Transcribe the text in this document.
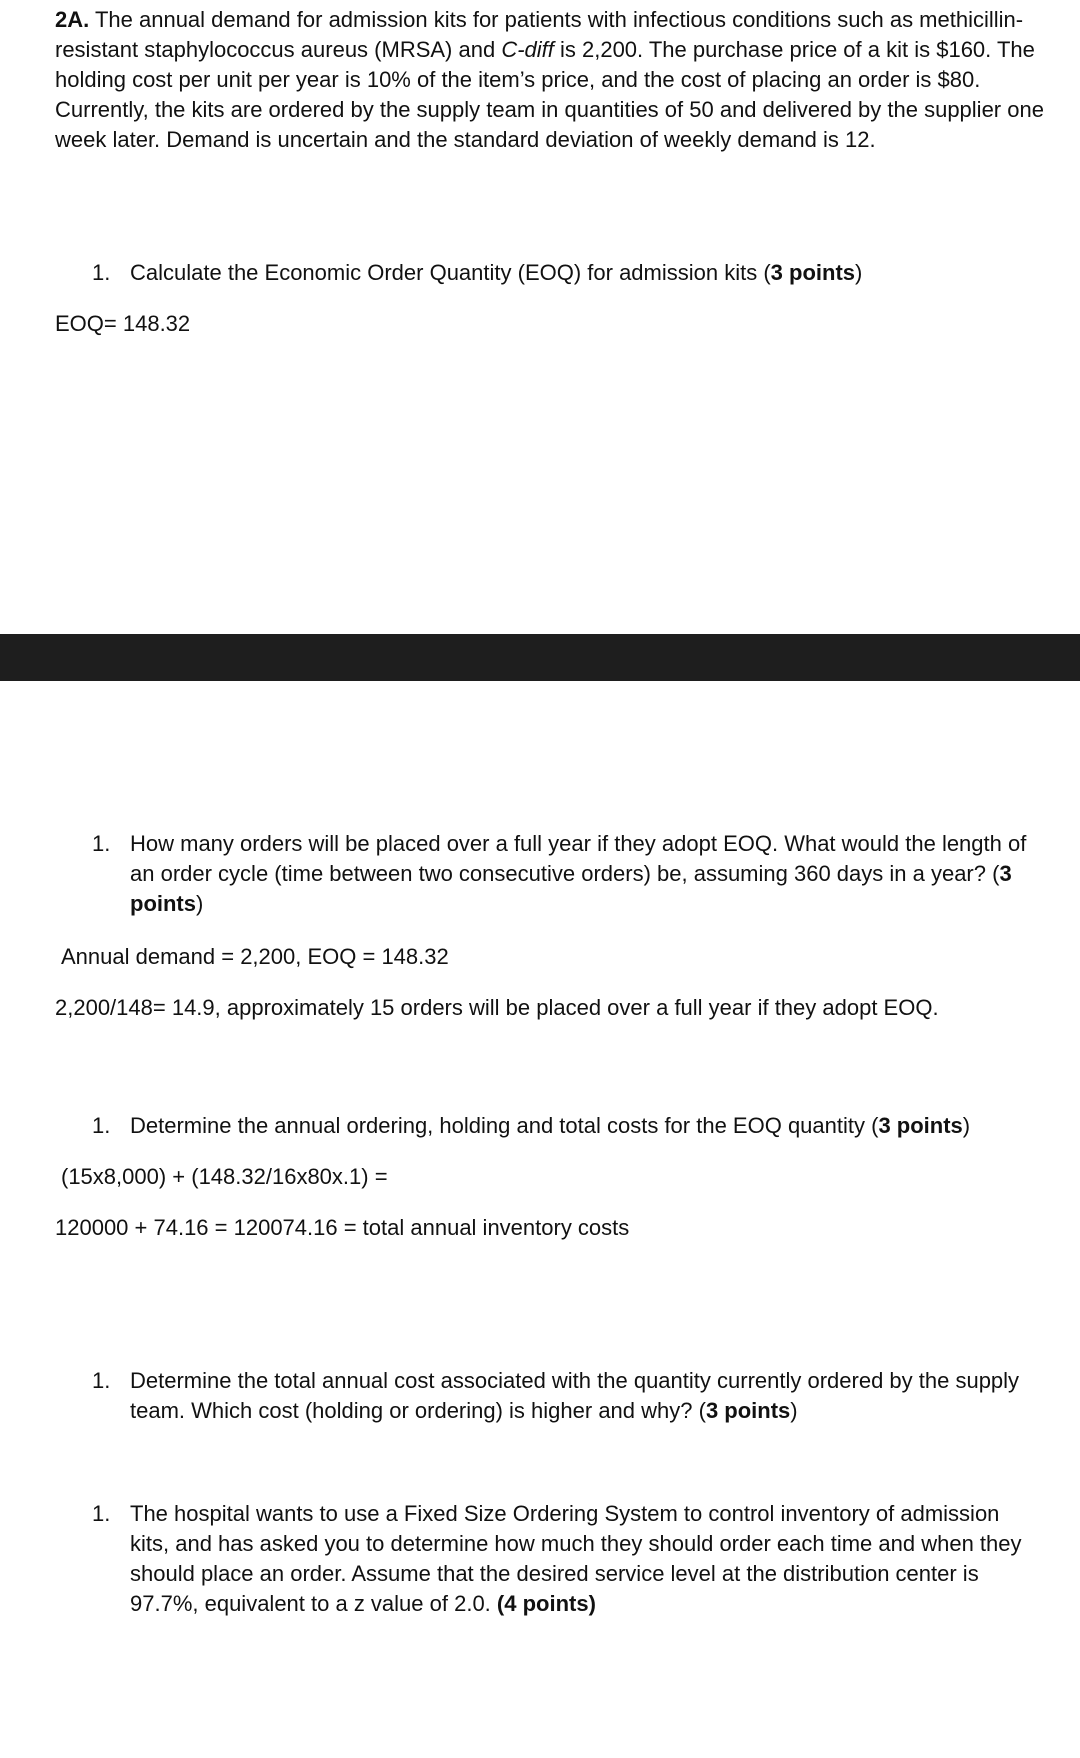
2A. The annual demand for admission kits for patients with infectious conditions such as methicillin-resistant staphylococcus aureus (MRSA) and C-diff is 2,200. The purchase price of a kit is $160. The holding cost per unit per year is 10% of the item’s price, and the cost of placing an order is $80. Currently, the kits are ordered by the supply team in quantities of 50 and delivered by the supplier one week later. Demand is uncertain and the standard deviation of weekly demand is 12.

1. Calculate the Economic Order Quantity (EOQ) for admission kits (3 points)
EOQ= 148.32
1. How many orders will be placed over a full year if they adopt EOQ. What would the length of an order cycle (time between two consecutive orders) be, assuming 360 days in a year? (3 points)
Annual demand = 2,200, EOQ = 148.32
2,200/148= 14.9, approximately 15 orders will be placed over a full year if they adopt EOQ.
1. Determine the annual ordering, holding and total costs for the EOQ quantity (3 points)
(15x8,000) + (148.32/16x80x.1) =
120000 + 74.16 = 120074.16 = total annual inventory costs
1. Determine the total annual cost associated with the quantity currently ordered by the supply team. Which cost (holding or ordering) is higher and why? (3 points)
1. The hospital wants to use a Fixed Size Ordering System to control inventory of admission kits, and has asked you to determine how much they should order each time and when they should place an order. Assume that the desired service level at the distribution center is 97.7%, equivalent to a z value of 2.0. (4 points)
